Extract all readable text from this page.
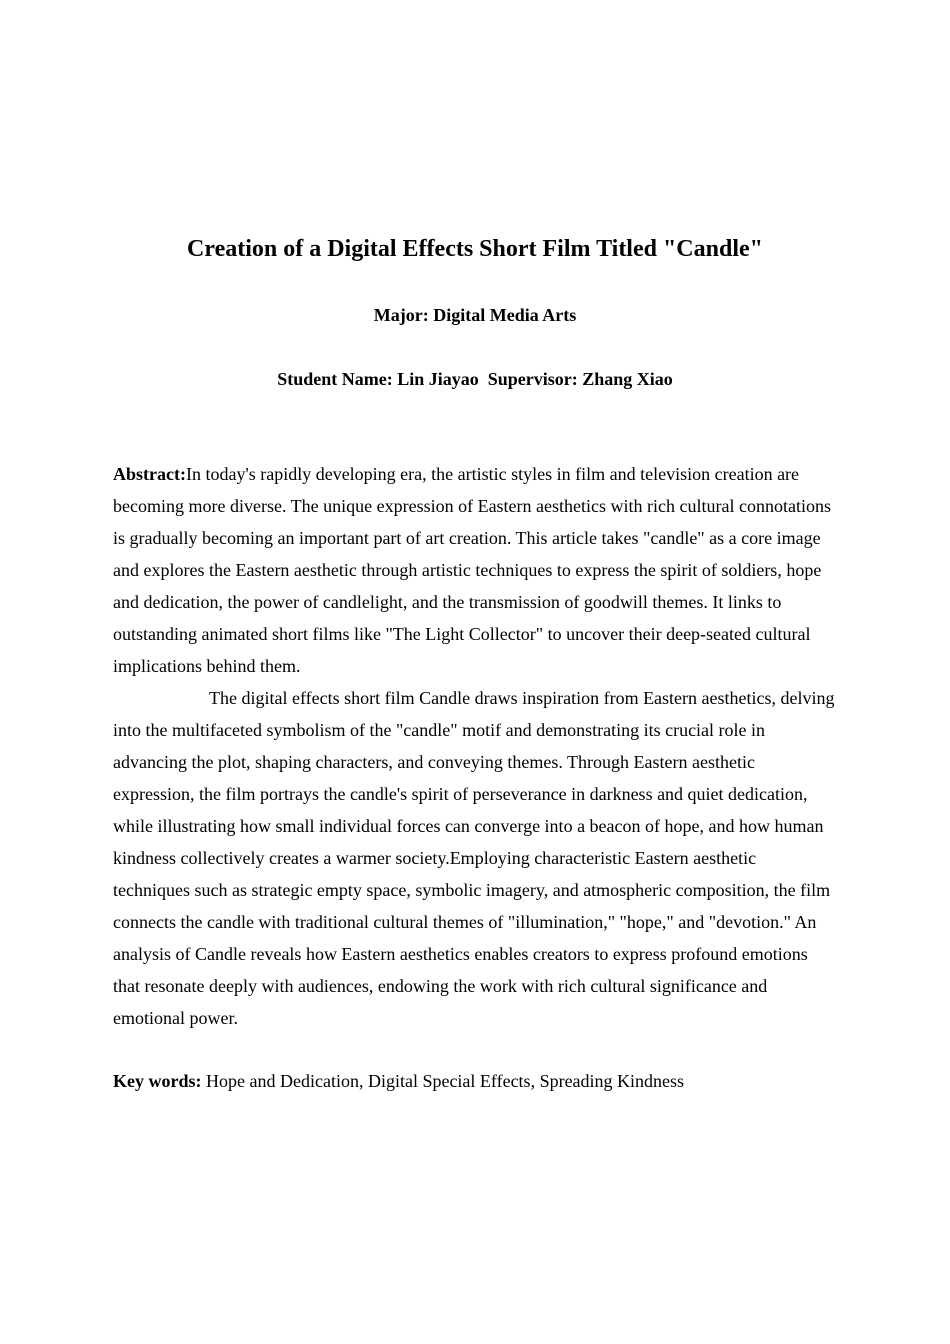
Creation of a Digital Effects Short Film Titled "Candle"

Major: Digital Media Arts

Student Name: Lin Jiayao  Supervisor: Zhang Xiao

Abstract:In today's rapidly developing era, the artistic styles in film and television creation are becoming more diverse. The unique expression of Eastern aesthetics with rich cultural connotations is gradually becoming an important part of art creation. This article takes "candle" as a core image and explores the Eastern aesthetic through artistic techniques to express the spirit of soldiers, hope and dedication, the power of candlelight, and the transmission of goodwill themes. It links to outstanding animated short films like "The Light Collector" to uncover their deep-seated cultural implications behind them.

The digital effects short film Candle draws inspiration from Eastern aesthetics, delving into the multifaceted symbolism of the "candle" motif and demonstrating its crucial role in advancing the plot, shaping characters, and conveying themes. Through Eastern aesthetic expression, the film portrays the candle's spirit of perseverance in darkness and quiet dedication, while illustrating how small individual forces can converge into a beacon of hope, and how human kindness collectively creates a warmer society.Employing characteristic Eastern aesthetic techniques such as strategic empty space, symbolic imagery, and atmospheric composition, the film connects the candle with traditional cultural themes of "illumination," "hope," and "devotion." An analysis of Candle reveals how Eastern aesthetics enables creators to express profound emotions that resonate deeply with audiences, endowing the work with rich cultural significance and emotional power.

Key words: Hope and Dedication, Digital Special Effects, Spreading Kindness
